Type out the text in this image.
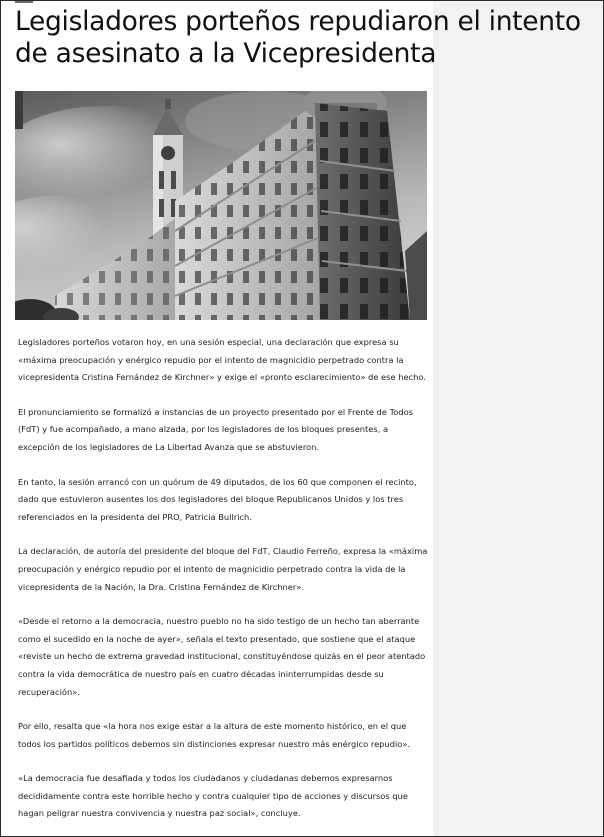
Legisladores porteños repudiaron el intento de asesinato a la Vicepresidenta

Legisladores porteños votaron hoy, en una sesión especial, una declaración que expresa su «máxima preocupación y enérgico repudio por el intento de magnicidio perpetrado contra la vicepresidenta Cristina Fernández de Kirchner» y exige el «pronto esclarecimiento» de ese hecho.

El pronunciamiento se formalizó a instancias de un proyecto presentado por el Frente de Todos (FdT) y fue acompañado, a mano alzada, por los legisladores de los bloques presentes, a excepción de los legisladores de La Libertad Avanza que se abstuvieron.

En tanto, la sesión arrancó con un quórum de 49 diputados, de los 60 que componen el recinto, dado que estuvieron ausentes los dos legisladores del bloque Republicanos Unidos y los tres referenciados en la presidenta del PRO, Patricia Bullrich.

La declaración, de autoría del presidente del bloque del FdT, Claudio Ferreño, expresa la «máxima preocupación y enérgico repudio por el intento de magnicidio perpetrado contra la vida de la vicepresidenta de la Nación, la Dra. Cristina Fernández de Kirchner».

«Desde el retorno a la democracia, nuestro pueblo no ha sido testigo de un hecho tan aberrante como el sucedido en la noche de ayer», señala el texto presentado, que sostiene que el ataque «reviste un hecho de extrema gravedad institucional, constituyéndose quizás en el peor atentado contra la vida democrática de nuestro país en cuatro décadas ininterrumpidas desde su recuperación».

Por ello, resalta que «la hora nos exige estar a la altura de este momento histórico, en el que todos los partidos políticos debemos sin distinciones expresar nuestro más enérgico repudio».

«La democracia fue desafiada y todos los ciudadanos y ciudadanas debemos expresarnos decididamente contra este horrible hecho y contra cualquier tipo de acciones y discursos que hagan peligrar nuestra convivencia y nuestra paz social», concluye.
